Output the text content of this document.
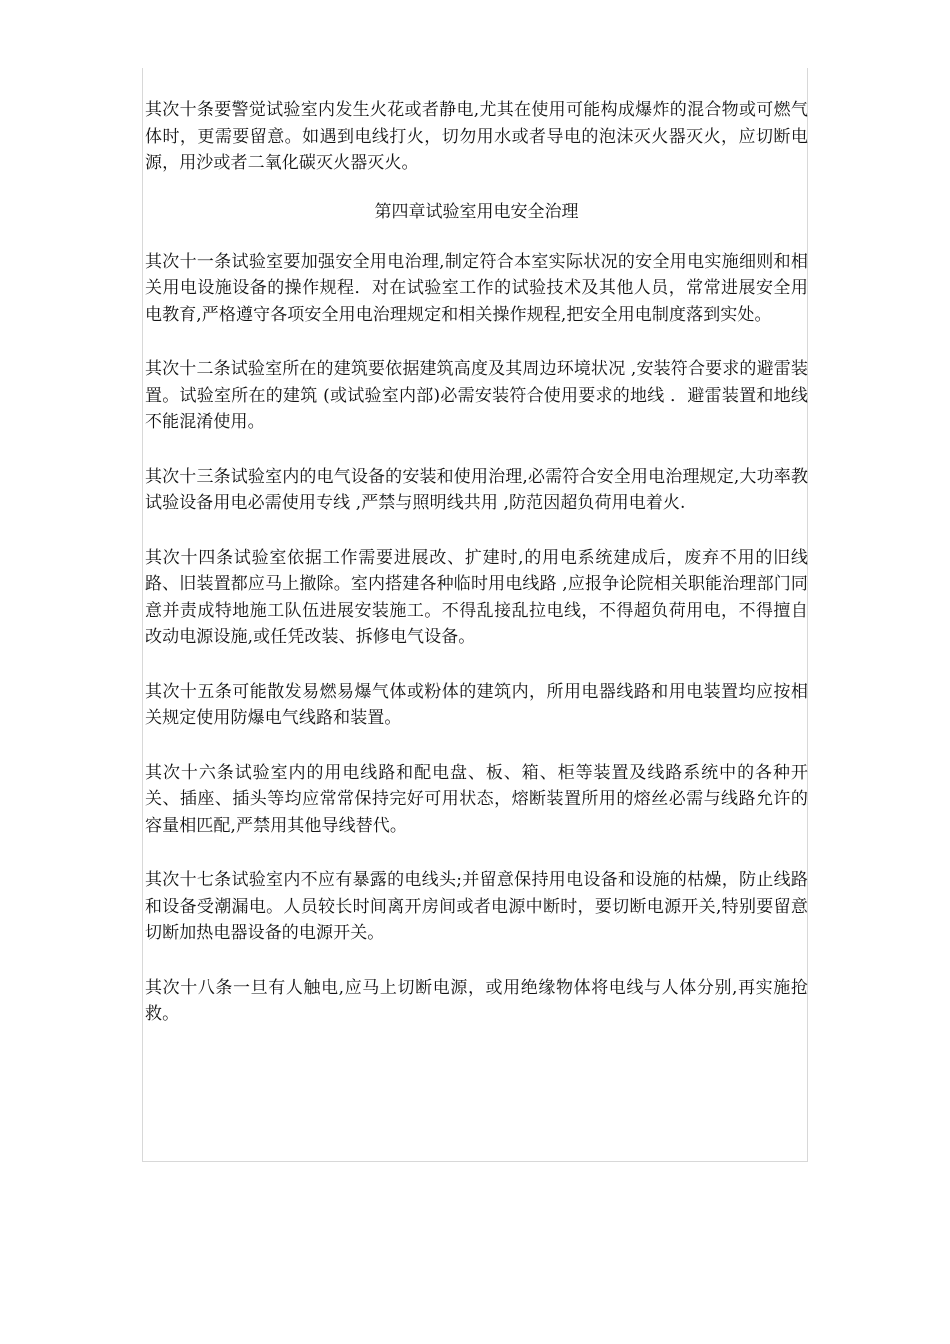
其次十条要警觉试验室内发生火花或者静电,尤其在使用可能构成爆炸的混合物或可燃气体时，更需要留意。如遇到电线打火，切勿用水或者导电的泡沫灭火器灭火，应切断电源，用沙或者二氧化碳灭火器灭火。

第四章试验室用电安全治理

其次十一条试验室要加强安全用电治理,制定符合本室实际状况的安全用电实施细则和相关用电设施设备的操作规程．对在试验室工作的试验技术及其他人员，常常进展安全用电教育,严格遵守各项安全用电治理规定和相关操作规程,把安全用电制度落到实处。

其次十二条试验室所在的建筑要依据建筑高度及其周边环境状况 ,安装符合要求的避雷装置。试验室所在的建筑 (或试验室内部)必需安装符合使用要求的地线 ．避雷装置和地线不能混淆使用。

其次十三条试验室内的电气设备的安装和使用治理,必需符合安全用电治理规定,大功率教试验设备用电必需使用专线 ,严禁与照明线共用 ,防范因超负荷用电着火.

其次十四条试验室依据工作需要进展改、扩建时,的用电系统建成后，废弃不用的旧线路、旧装置都应马上撤除。室内搭建各种临时用电线路 ,应报争论院相关职能治理部门同意并责成特地施工队伍进展安装施工。不得乱接乱拉电线，不得超负荷用电，不得擅自改动电源设施,或任凭改装、拆修电气设备。

其次十五条可能散发易燃易爆气体或粉体的建筑内，所用电器线路和用电装置均应按相关规定使用防爆电气线路和装置。

其次十六条试验室内的用电线路和配电盘、板、箱、柜等装置及线路系统中的各种开关、插座、插头等均应常常保持完好可用状态，熔断装置所用的熔丝必需与线路允许的容量相匹配,严禁用其他导线替代。

其次十七条试验室内不应有暴露的电线头;并留意保持用电设备和设施的枯燥，防止线路和设备受潮漏电。人员较长时间离开房间或者电源中断时，要切断电源开关,特别要留意切断加热电器设备的电源开关。

其次十八条一旦有人触电,应马上切断电源，或用绝缘物体将电线与人体分别,再实施抢救。
